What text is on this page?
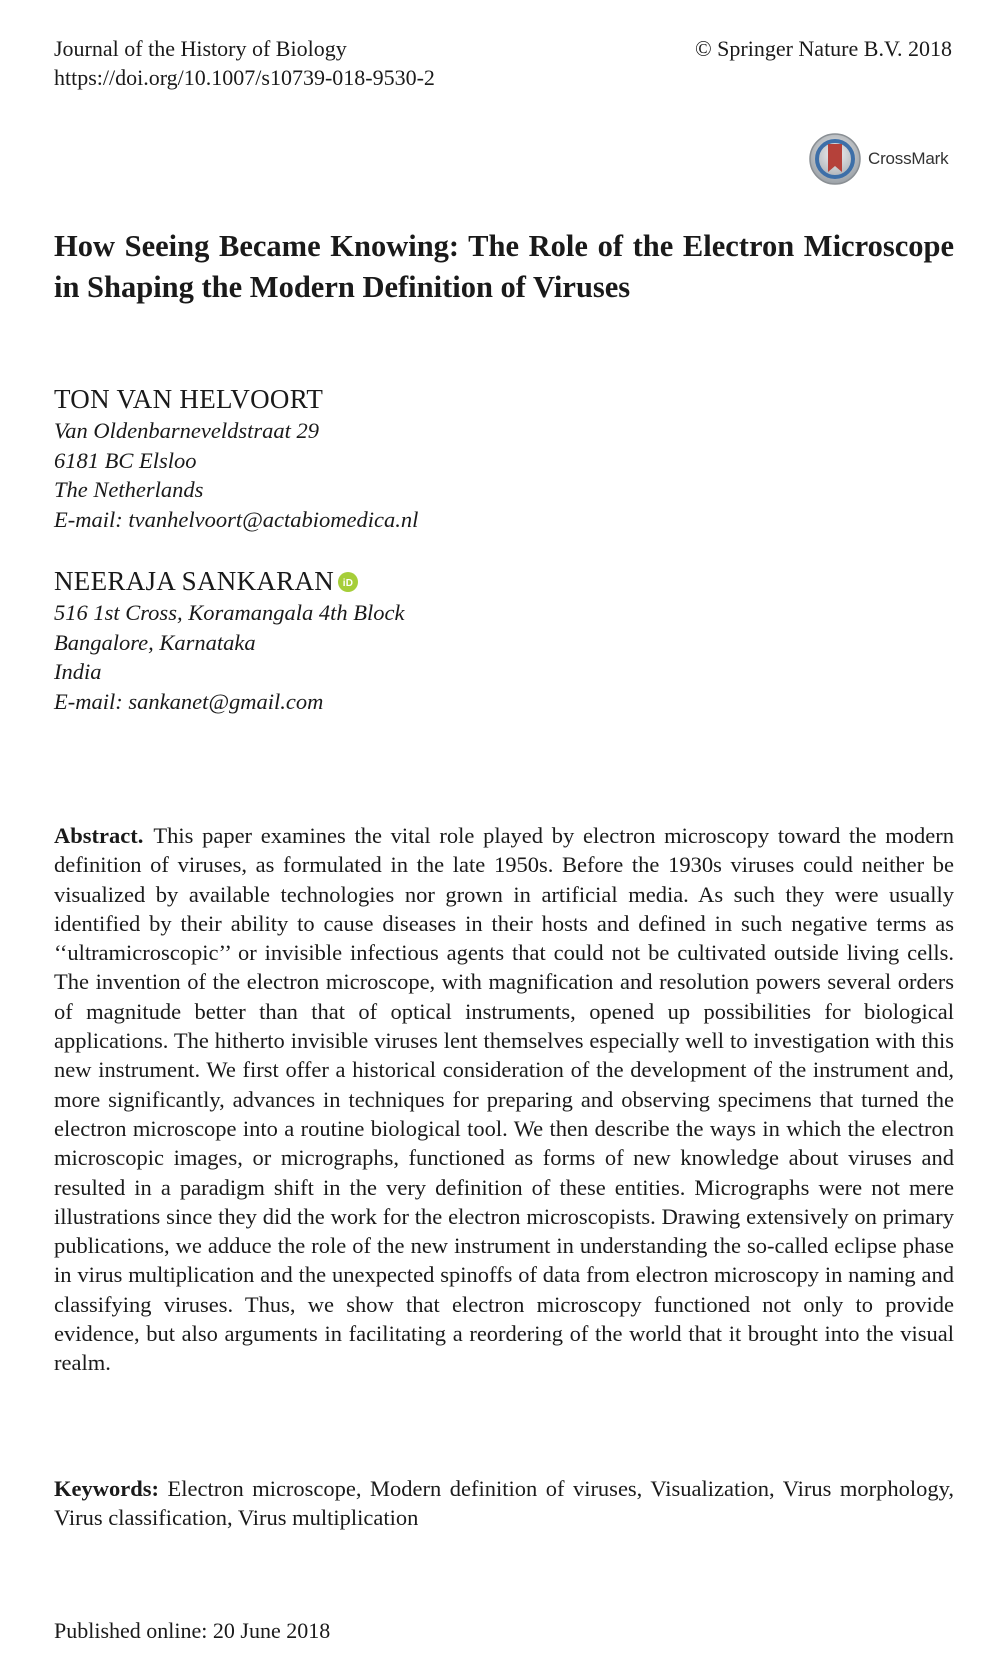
Journal of the History of Biology
https://doi.org/10.1007/s10739-018-9530-2
© Springer Nature B.V. 2018
CrossMark
How Seeing Became Knowing: The Role of the Electron Microscope in Shaping the Modern Definition of Viruses
TON VAN HELVOORT
Van Oldenbarneveldstraat 29
6181 BC Elsloo
The Netherlands
E-mail: tvanhelvoort@actabiomedica.nl
NEERAJA SANKARAN iD
516 1st Cross, Koramangala 4th Block
Bangalore, Karnataka
India
E-mail: sankanet@gmail.com
Abstract. This paper examines the vital role played by electron microscopy toward the modern definition of viruses, as formulated in the late 1950s. Before the 1930s viruses could neither be visualized by available technologies nor grown in artificial media. As such they were usually identified by their ability to cause diseases in their hosts and defined in such negative terms as ‘‘ultramicroscopic’’ or invisible infectious agents that could not be cultivated outside living cells. The invention of the electron microscope, with magnification and resolution powers several orders of magnitude better than that of optical instruments, opened up possibilities for biological applications. The hitherto invisible viruses lent themselves especially well to investigation with this new instrument. We first offer a historical consideration of the development of the instrument and, more significantly, advances in techniques for preparing and observing specimens that turned the electron microscope into a routine biological tool. We then describe the ways in which the electron microscopic images, or micrographs, functioned as forms of new knowledge about viruses and resulted in a paradigm shift in the very definition of these entities. Micrographs were not mere illustrations since they did the work for the electron microscopists. Drawing extensively on primary publications, we adduce the role of the new instrument in understanding the so-called eclipse phase in virus multiplication and the unexpected spinoffs of data from electron microscopy in naming and classifying viruses. Thus, we show that electron microscopy functioned not only to provide evidence, but also arguments in facilitating a reordering of the world that it brought into the visual realm.
Keywords: Electron microscope, Modern definition of viruses, Visualization, Virus morphology, Virus classification, Virus multiplication
Published online: 20 June 2018
